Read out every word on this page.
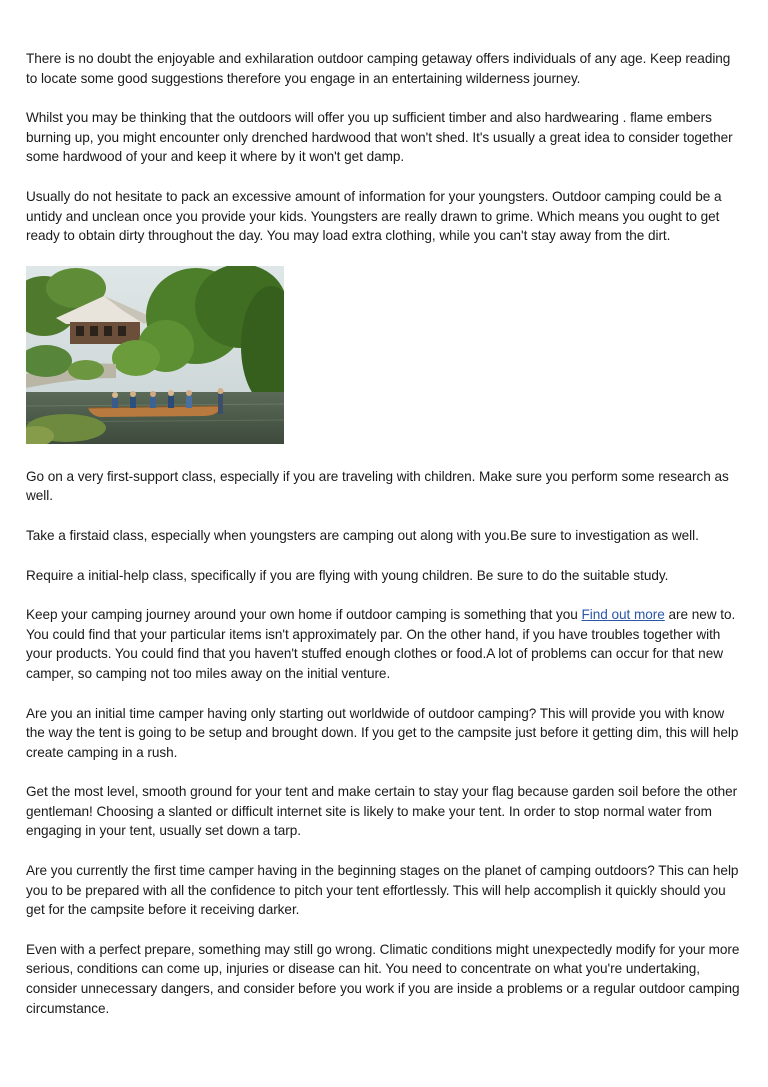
There is no doubt the enjoyable and exhilaration outdoor camping getaway offers individuals of any age. Keep reading to locate some good suggestions therefore you engage in an entertaining wilderness journey.

Whilst you may be thinking that the outdoors will offer you up sufficient timber and also hardwearing . flame embers burning up, you might encounter only drenched hardwood that won't shed. It's usually a great idea to consider together some hardwood of your and keep it where by it won't get damp.

Usually do not hesitate to pack an excessive amount of information for your youngsters. Outdoor camping could be a untidy and unclean once you provide your kids. Youngsters are really drawn to grime. Which means you ought to get ready to obtain dirty throughout the day. You may load extra clothing, while you can't stay away from the dirt.

Go on a very first-support class, especially if you are traveling with children. Make sure you perform some research as well.

Take a firstaid class, especially when youngsters are camping out along with you.Be sure to investigation as well.

Require a initial-help class, specifically if you are flying with young children. Be sure to do the suitable study.

Keep your camping journey around your own home if outdoor camping is something that you Find out more are new to. You could find that your particular items isn't approximately par. On the other hand, if you have troubles together with your products. You could find that you haven't stuffed enough clothes or food.A lot of problems can occur for that new camper, so camping not too miles away on the initial venture.

Are you an initial time camper having only starting out worldwide of outdoor camping? This will provide you with know the way the tent is going to be setup and brought down. If you get to the campsite just before it getting dim, this will help create camping in a rush.

Get the most level, smooth ground for your tent and make certain to stay your flag because garden soil before the other gentleman! Choosing a slanted or difficult internet site is likely to make your tent. In order to stop normal water from engaging in your tent, usually set down a tarp.

Are you currently the first time camper having in the beginning stages on the planet of camping outdoors? This can help you to be prepared with all the confidence to pitch your tent effortlessly. This will help accomplish it quickly should you get for the campsite before it receiving darker.

Even with a perfect prepare, something may still go wrong. Climatic conditions might unexpectedly modify for your more serious, conditions can come up, injuries or disease can hit. You need to concentrate on what you're undertaking, consider unnecessary dangers, and consider before you work if you are inside a problems or a regular outdoor camping circumstance.
